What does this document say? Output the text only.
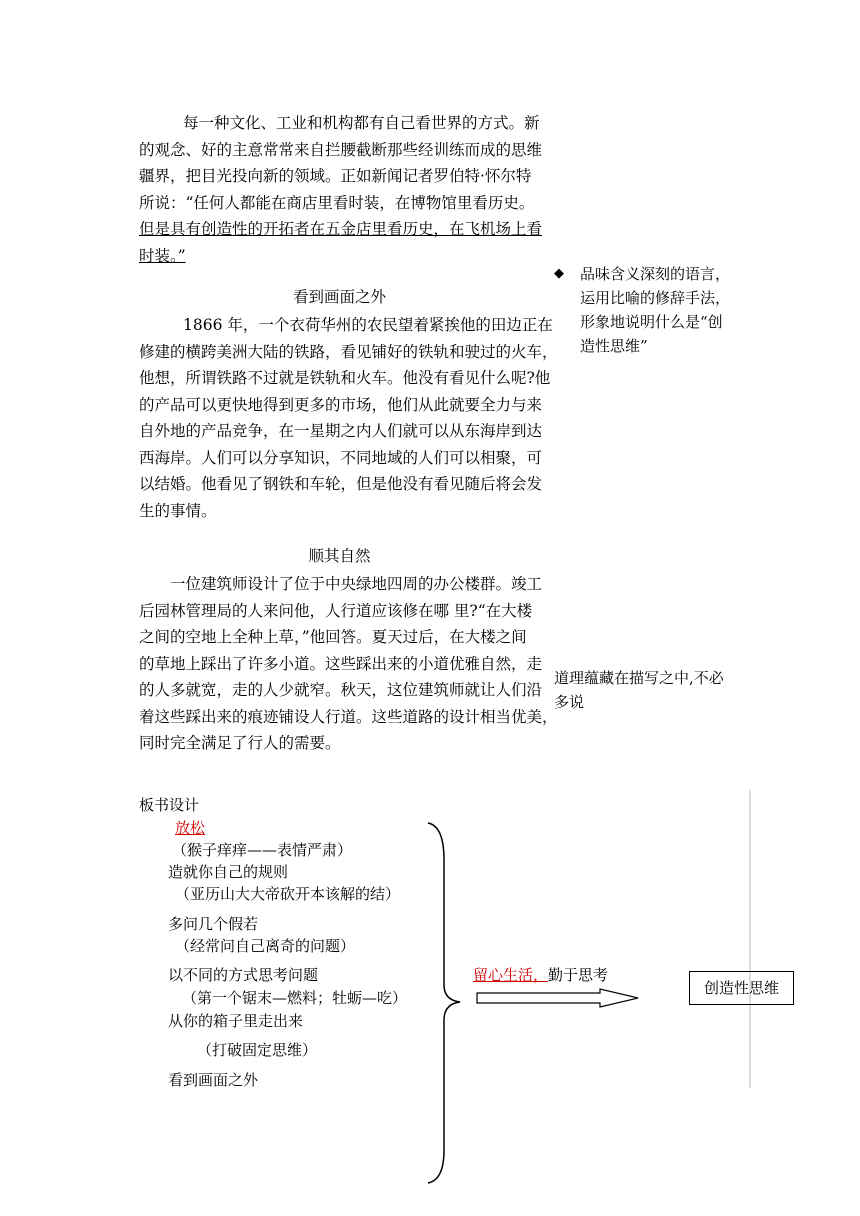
每一种文化、工业和机构都有自己看世界的方式。新
的观念、好的主意常常来自拦腰截断那些经训练而成的思维
疆界，把目光投向新的领域。正如新闻记者罗伯特·怀尔特
所说：“任何人都能在商店里看时装，在博物馆里看历史。
但是具有创造性的开拓者在五金店里看历史，在飞机场上看
时装。”
看到画面之外
1866 年，一个衣荷华州的农民望着紧挨他的田边正在
修建的横跨美洲大陆的铁路，看见铺好的铁轨和驶过的火车，
他想，所谓铁路不过就是铁轨和火车。他没有看见什么呢?他
的产品可以更快地得到更多的市场，他们从此就要全力与来
自外地的产品竞争，在一星期之内人们就可以从东海岸到达
西海岸。人们可以分享知识，不同地域的人们可以相聚，可
以结婚。他看见了钢铁和车轮，但是他没有看见随后将会发
生的事情。
顺其自然
一位建筑师设计了位于中央绿地四周的办公楼群。竣工
后园林管理局的人来问他，人行道应该修在哪 里?“在大楼
之间的空地上全种上草，”他回答。夏天过后，在大楼之间
的草地上踩出了许多小道。这些踩出来的小道优雅自然，走
的人多就宽，走的人少就窄。秋天，这位建筑师就让人们沿
着这些踩出来的痕迹铺设人行道。这些道路的设计相当优美，
同时完全满足了行人的需要。
◆ 品味含义深刻的语言，
运用比喻的修辞手法，
形象地说明什么是“创
造性思维”
道理蕴藏在描写之中,不必
多说
板书设计
放松
（猴子痒痒——表情严肃）
造就你自己的规则
（亚历山大大帝砍开本该解的结）
多问几个假若
（经常问自己离奇的问题）
以不同的方式思考问题
（第一个锯末—燃料；牡蛎—吃）
从你的箱子里走出来
（打破固定思维）
看到画面之外
留心生活，勤于思考
创造性思维
